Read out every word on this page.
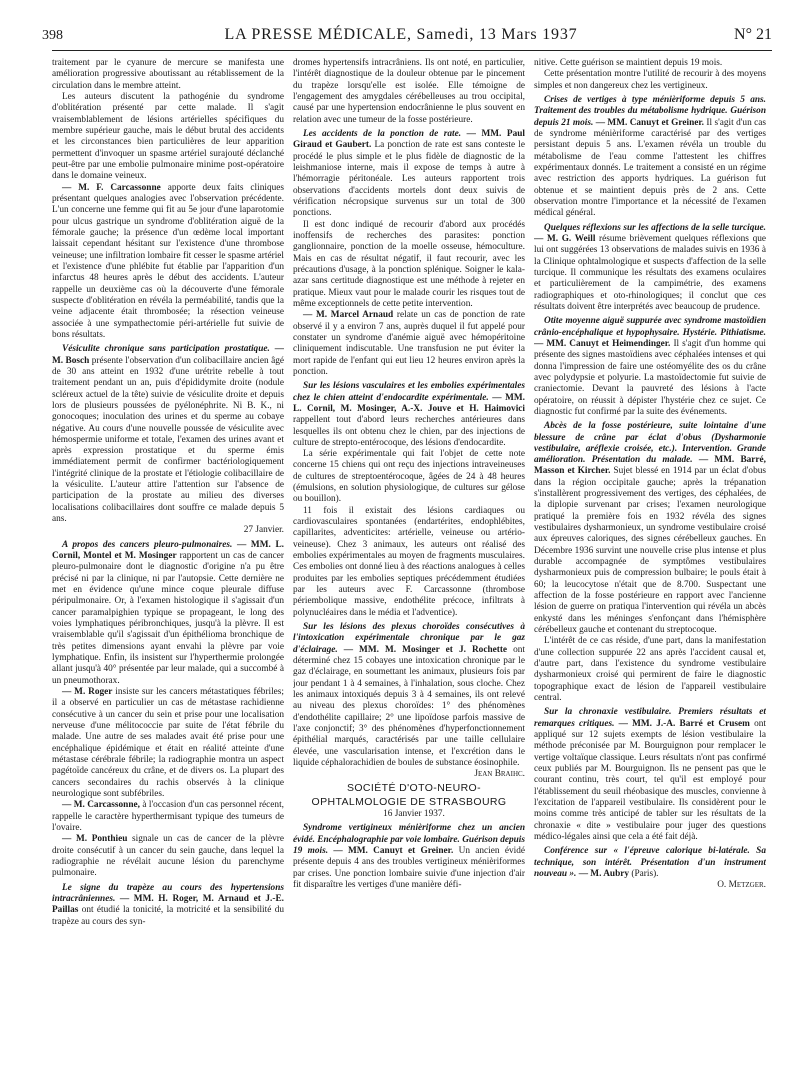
398	LA PRESSE MÉDICALE, Samedi, 13 Mars 1937	N° 21

traitement par le cyanure de mercure se manifesta une amélioration progressive aboutissant au rétablissement de la circulation dans le membre atteint.

Les auteurs discutent la pathogénie du syndrome d'oblitération présenté par cette malade. Il s'agit vraisemblablement de lésions artérielles spécifiques du membre supérieur gauche, mais le début brutal des accidents et les circonstances bien particulières de leur apparition permettent d'invoquer un spasme artériel surajouté déclanché peut-être par une embolie pulmonaire minime post-opératoire dans le domaine veineux.

— M. F. Carcassonne apporte deux faits cliniques présentant quelques analogies avec l'observation précédente. L'un concerne une femme qui fit au 5e jour d'une laparotomie pour ulcus gastrique un syndrome d'oblitération aiguë de la fémorale gauche; la présence d'un œdème local important laissait cependant hésitant sur l'existence d'une thrombose veineuse; une infiltration lombaire fit cesser le spasme artériel et l'existence d'une phlébite fut établie par l'apparition d'un infarctus 48 heures après le début des accidents. L'auteur rappelle un deuxième cas où la découverte d'une fémorale suspecte d'oblitération en révéla la perméabilité, tandis que la veine adjacente était thrombosée; la résection veineuse associée à une sympathectomie péri-artérielle fut suivie de bons résultats.

Vésiculite chronique sans participation prostatique. — M. Bosch présente l'observation d'un colibacillaire ancien âgé de 30 ans atteint en 1932 d'une urétrite rebelle à tout traitement pendant un an, puis d'épididymite droite (nodule scléreux actuel de la tête) suivie de vésiculite droite et depuis lors de plusieurs poussées de pyélonéphrite. Ni B. K., ni gonocoques; inoculation des urines et du sperme au cobaye négative. Au cours d'une nouvelle poussée de vésiculite avec hémospermie uniforme et totale, l'examen des urines avant et après expression prostatique et du sperme émis immédiatement permit de confirmer bactériologiquement l'intégrité clinique de la prostate et l'étiologie colibacillaire de la vésiculite. L'auteur attire l'attention sur l'absence de participation de la prostate au milieu des diverses localisations colibacillaires dont souffre ce malade depuis 5 ans.

27 Janvier.

A propos des cancers pleuro-pulmonaires. — MM. L. Cornil, Montel et M. Mosinger rapportent un cas de cancer pleuro-pulmonaire dont le diagnostic d'origine n'a pu être précisé ni par la clinique, ni par l'autopsie. Cette dernière ne met en évidence qu'une mince coque pleurale diffuse péripulmonaire. Or, à l'examen histologique il s'agissait d'un cancer paramalpighien typique se propageant, le long des voies lymphatiques péribronchiques, jusqu'à la plèvre. Il est vraisemblable qu'il s'agissait d'un épithélioma bronchique de très petites dimensions ayant envahi la plèvre par voie lymphatique. Enfin, ils insistent sur l'hyperthermie prolongée allant jusqu'à 40° présentée par leur malade, qui a succombé à un pneumothorax.

— M. Roger insiste sur les cancers métastatiques fébriles; il a observé en particulier un cas de métastase rachidienne consécutive à un cancer du sein et prise pour une localisation nerveuse d'une mélitococcie par suite de l'état fébrile du malade. Une autre de ses malades avait été prise pour une encéphalique épidémique et était en réalité atteinte d'une métastase cérébrale fébrile; la radiographie montra un aspect pagétoïde cancéreux du crâne, et de divers os. La plupart des cancers secondaires du rachis observés à la clinique neurologique sont subfébriles.

— M. Carcassonne, à l'occasion d'un cas personnel récent, rappelle le caractère hyperthermisant typique des tumeurs de l'ovaire.

— M. Ponthieu signale un cas de cancer de la plèvre droite consécutif à un cancer du sein gauche, dans lequel la radiographie ne révélait aucune lésion du parenchyme pulmonaire.

Le signe du trapèze au cours des hypertensions intracrâniennes. — MM. H. Roger, M. Arnaud et J.-E. Paillas ont étudié la tonicité, la motricité et la sensibilité du trapèze au cours des syn-

dromes hypertensifs intracrâniens. Ils ont noté, en particulier, l'intérêt diagnostique de la douleur obtenue par le pincement du trapèze lorsqu'elle est isolée. Elle témoigne de l'engagement des amygdales cérébelleuses au trou occipital, causé par une hypertension endocrânienne le plus souvent en relation avec une tumeur de la fosse postérieure.

Les accidents de la ponction de rate. — MM. Paul Giraud et Gaubert. La ponction de rate est sans conteste le procédé le plus simple et le plus fidèle de diagnostic de la leishmaniose interne, mais il expose de temps à autre à l'hémorragie péritonéale. Les auteurs rapportent trois observations d'accidents mortels dont deux suivis de vérification nécropsique survenus sur un total de 300 ponctions.

Il est donc indiqué de recourir d'abord aux procédés inoffensifs de recherches des parasites: ponction ganglionnaire, ponction de la moelle osseuse, hémoculture. Mais en cas de résultat négatif, il faut recourir, avec les précautions d'usage, à la ponction splénique. Soigner le kala-azar sans certitude diagnostique est une méthode à rejeter en pratique. Mieux vaut pour le malade courir les risques tout de même exceptionnels de cette petite intervention.

— M. Marcel Arnaud relate un cas de ponction de rate observé il y a environ 7 ans, auprès duquel il fut appelé pour constater un syndrome d'anémie aiguë avec hémopéritoine cliniquement indiscutable. Une transfusion ne put éviter la mort rapide de l'enfant qui eut lieu 12 heures environ après la ponction.

Sur les lésions vasculaires et les embolies expérimentales chez le chien atteint d'endocardite expérimentale. — MM. L. Cornil, M. Mosinger, A.-X. Jouve et H. Haimovici rappellent tout d'abord leurs recherches antérieures dans lesquelles ils ont obtenu chez le chien, par des injections de culture de strepto-entérocoque, des lésions d'endocardite.

La série expérimentale qui fait l'objet de cette note concerne 15 chiens qui ont reçu des injections intraveineuses de cultures de streptoentérocoque, âgées de 24 à 48 heures (émulsions, en solution physiologique, de cultures sur gélose ou bouillon).

11 fois il existait des lésions cardiaques ou cardiovasculaires spontanées (endartérites, endophlébites, capillarites, adventicites: artérielle, veineuse ou artério-veineuse). Chez 3 animaux, les auteurs ont réalisé des embolies expérimentales au moyen de fragments musculaires. Ces embolies ont donné lieu à des réactions analogues à celles produites par les embolies septiques précédemment étudiées par les auteurs avec F. Carcassonne (thrombose périembolique massive, endothélite précoce, infiltrats à polynucléaires dans le média et l'adventice).

Sur les lésions des plexus choroïdes consécutives à l'intoxication expérimentale chronique par le gaz d'éclairage. — MM. M. Mosinger et J. Rochette ont déterminé chez 15 cobayes une intoxication chronique par le gaz d'éclairage, en soumettant les animaux, plusieurs fois par jour pendant 1 à 4 semaines, à l'inhalation, sous cloche. Chez les animaux intoxiqués depuis 3 à 4 semaines, ils ont relevé au niveau des plexus choroïdes: 1° des phénomènes d'endothélite capillaire; 2° une lipoïdose parfois massive de l'axe conjonctif; 3° des phénomènes d'hyperfonctionnement épithélial marqués, caractérisés par une taille cellulaire élevée, une vascularisation intense, et l'excrétion dans le liquide céphalorachidien de boules de substance éosinophile.

Jean Braihc.

SOCIÉTÉ D'OTO-NEURO-OPHTALMOLOGIE DE STRASBOURG

16 Janvier 1937.

Syndrome vertigineux ménièriforme chez un ancien évidé. Encéphalographie par voie lombaire. Guérison depuis 19 mois. — MM. Canuyt et Greiner. Un ancien évidé présente depuis 4 ans des troubles vertigineux ménièriformes par crises. Une ponction lombaire suivie d'une injection d'air fit disparaître les vertiges d'une manière défi-

nitive. Cette guérison se maintient depuis 19 mois.

Cette présentation montre l'utilité de recourir à des moyens simples et non dangereux chez les vertigineux.

Crises de vertiges à type ménièriforme depuis 5 ans. Traitement des troubles du métabolisme hydrique. Guérison depuis 21 mois. — MM. Canuyt et Greiner. Il s'agit d'un cas de syndrome ménièriforme caractérisé par des vertiges persistant depuis 5 ans. L'examen révéla un trouble du métabolisme de l'eau comme l'attestent les chiffres expérimentaux donnés. Le traitement a consisté en un régime avec restriction des apports hydriques. La guérison fut obtenue et se maintient depuis près de 2 ans. Cette observation montre l'importance et la nécessité de l'examen médical général.

Quelques réflexions sur les affections de la selle turcique. — M. G. Weill résume brièvement quelques réflexions que lui ont suggérées 13 observations de malades suivis en 1936 à la Clinique ophtalmologique et suspects d'affection de la selle turcique. Il communique les résultats des examens oculaires et particulièrement de la campimétrie, des examens radiographiques et oto-rhinologiques; il conclut que ces résultats doivent être interprétés avec beaucoup de prudence.

Otite moyenne aiguë suppurée avec syndrome mastoïdien crânio-encéphalique et hypophysaire. Hystérie. Pithiatisme. — MM. Canuyt et Heimendinger. Il s'agit d'un homme qui présente des signes mastoïdiens avec céphalées intenses et qui donna l'impression de faire une ostéomyélite des os du crâne avec polydypsie et polyurie. La mastoïdectomie fut suivie de craniectomie. Devant la pauvreté des lésions à l'acte opératoire, on réussit à dépister l'hystérie chez ce sujet. Ce diagnostic fut confirmé par la suite des événements.

Abcès de la fosse postérieure, suite lointaine d'une blessure de crâne par éclat d'obus (Dysharmonie vestibulaire, aréflexie croisée, etc.). Intervention. Grande amélioration. Présentation du malade. — MM. Barré, Masson et Kircher. Sujet blessé en 1914 par un éclat d'obus dans la région occipitale gauche; après la trépanation s'installèrent progressivement des vertiges, des céphalées, de la diplopie survenant par crises; l'examen neurologique pratiqué la première fois en 1932 révéla des signes vestibulaires dysharmonieux, un syndrome vestibulaire croisé aux épreuves caloriques, des signes cérébelleux gauches. En Décembre 1936 survint une nouvelle crise plus intense et plus durable accompagnée de symptômes vestibulaires dysharmonieux puis de compression bulbaire; le pouls était à 60; la leucocytose n'était que de 8.700. Suspectant une affection de la fosse postérieure en rapport avec l'ancienne lésion de guerre on pratiqua l'intervention qui révéla un abcès enkysté dans les méninges s'enfonçant dans l'hémisphère cérébelleux gauche et contenant du streptocoque.

L'intérêt de ce cas réside, d'une part, dans la manifestation d'une collection suppurée 22 ans après l'accident causal et, d'autre part, dans l'existence du syndrome vestibulaire dysharmonieux croisé qui permirent de faire le diagnostic topographique exact de lésion de l'appareil vestibulaire central.

Sur la chronaxie vestibulaire. Premiers résultats et remarques critiques. — MM. J.-A. Barré et Crusem ont appliqué sur 12 sujets exempts de lésion vestibulaire la méthode préconisée par M. Bourguignon pour remplacer le vertige voltaïque classique. Leurs résultats n'ont pas confirmé ceux publiés par M. Bourguignon. Ils ne pensent pas que le courant continu, très court, tel qu'il est employé pour l'établissement du seuil rhéobasique des muscles, convienne à l'excitation de l'appareil vestibulaire. Ils considèrent pour le moins comme très anticipé de tabler sur les résultats de la chronaxie « dite » vestibulaire pour juger des questions médico-légales ainsi que cela a été fait déjà.

Conférence sur « l'épreuve calorique bi-latérale. Sa technique, son intérêt. Présentation d'un instrument nouveau ». — M. Aubry (Paris).

O. Metzger.
